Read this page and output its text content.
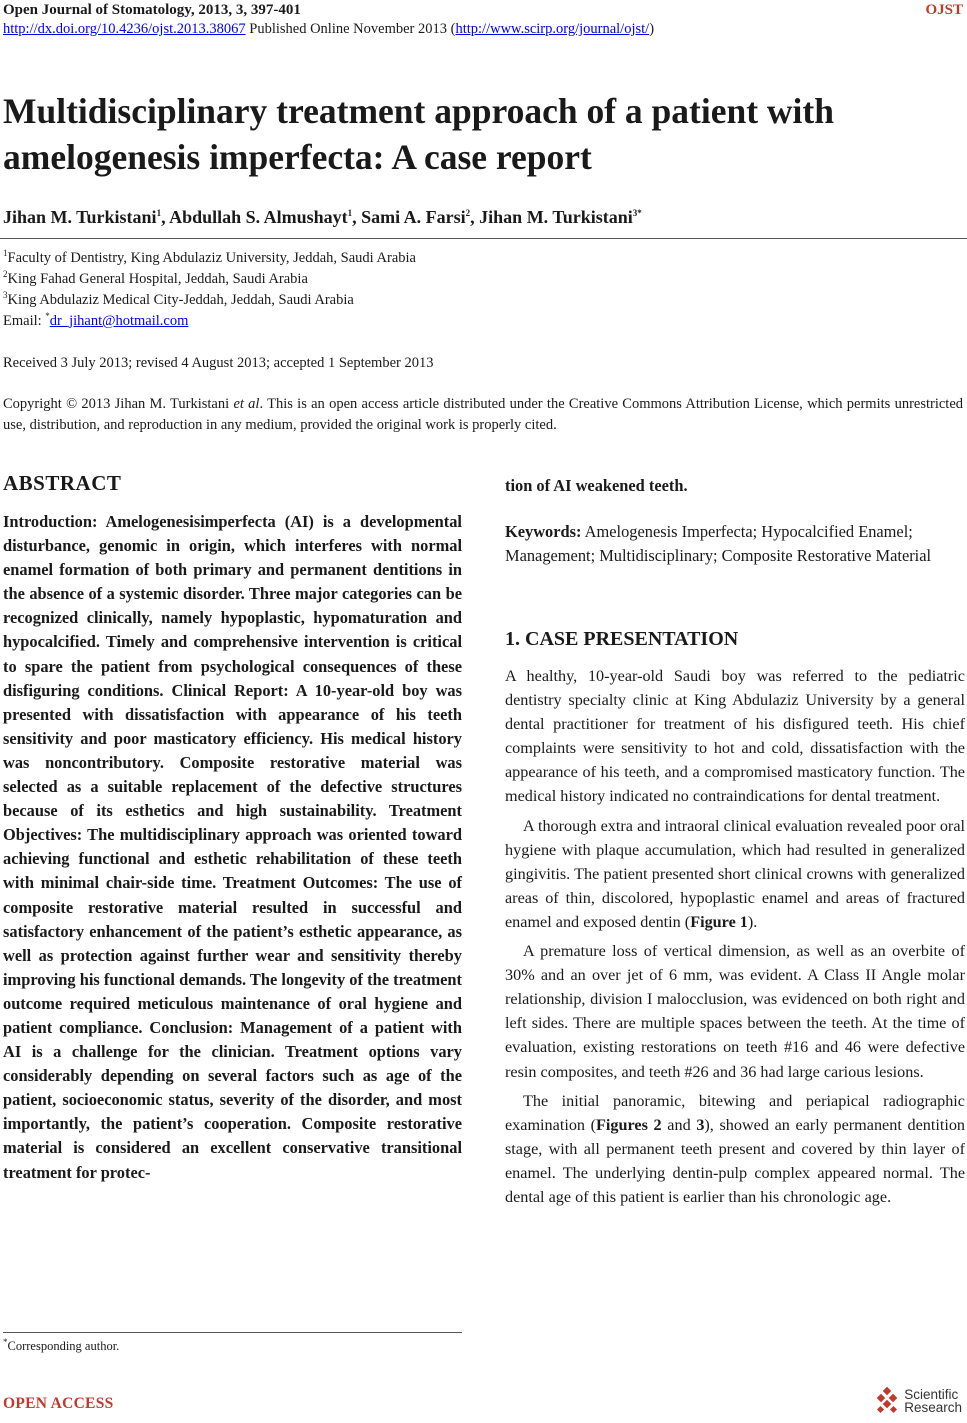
Open Journal of Stomatology, 2013, 3, 397-401	OJST
http://dx.doi.org/10.4236/ojst.2013.38067 Published Online November 2013 (http://www.scirp.org/journal/ojst/)
Multidisciplinary treatment approach of a patient with amelogenesis imperfecta: A case report
Jihan M. Turkistani$^1$, Abdullah S. Almushayt$^1$, Sami A. Farsi$^2$, Jihan M. Turkistani$^{3*}$
$^1$Faculty of Dentistry, King Abdulaziz University, Jeddah, Saudi Arabia
$^2$King Fahad General Hospital, Jeddah, Saudi Arabia
$^3$King Abdulaziz Medical City-Jeddah, Jeddah, Saudi Arabia
Email: *dr_jihant@hotmail.com
Received 3 July 2013; revised 4 August 2013; accepted 1 September 2013
Copyright © 2013 Jihan M. Turkistani et al. This is an open access article distributed under the Creative Commons Attribution License, which permits unrestricted use, distribution, and reproduction in any medium, provided the original work is properly cited.
ABSTRACT
Introduction: Amelogenesisimperfecta (AI) is a developmental disturbance, genomic in origin, which interferes with normal enamel formation of both primary and permanent dentitions in the absence of a systemic disorder. Three major categories can be recognized clinically, namely hypoplastic, hypomaturation and hypocalcified. Timely and comprehensive intervention is critical to spare the patient from psychological consequences of these disfiguring conditions. Clinical Report: A 10-year-old boy was presented with dissatisfaction with appearance of his teeth sensitivity and poor masticatory efficiency. His medical history was noncontributory. Composite restorative material was selected as a suitable replacement of the defective structures because of its esthetics and high sustainability. Treatment Objectives: The multidisciplinary approach was oriented toward achieving functional and esthetic rehabilitation of these teeth with minimal chair-side time. Treatment Outcomes: The use of composite restorative material resulted in successful and satisfactory enhancement of the patient’s esthetic appearance, as well as protection against further wear and sensitivity thereby improving his functional demands. The longevity of the treatment outcome required meticulous maintenance of oral hygiene and patient compliance. Conclusion: Management of a patient with AI is a challenge for the clinician. Treatment options vary considerably depending on several factors such as age of the patient, socioeconomic status, severity of the disorder, and most importantly, the patient’s cooperation. Composite restorative material is considered an excellent conservative transitional treatment for protec-
*Corresponding author.
tion of AI weakened teeth.
Keywords: Amelogenesis Imperfecta; Hypocalcified Enamel; Management; Multidisciplinary; Composite Restorative Material
1. CASE PRESENTATION

A healthy, 10-year-old Saudi boy was referred to the pediatric dentistry specialty clinic at King Abdulaziz University by a general dental practitioner for treatment of his disfigured teeth. His chief complaints were sensitivity to hot and cold, dissatisfaction with the appearance of his teeth, and a compromised masticatory function. The medical history indicated no contraindications for dental treatment.

A thorough extra and intraoral clinical evaluation revealed poor oral hygiene with plaque accumulation, which had resulted in generalized gingivitis. The patient presented short clinical crowns with generalized areas of thin, discolored, hypoplastic enamel and areas of fractured enamel and exposed dentin (Figure 1).

A premature loss of vertical dimension, as well as an overbite of 30% and an over jet of 6 mm, was evident. A Class II Angle molar relationship, division I malocclusion, was evidenced on both right and left sides. There are multiple spaces between the teeth. At the time of evaluation, existing restorations on teeth #16 and 46 were defective resin composites, and teeth #26 and 36 had large carious lesions.

The initial panoramic, bitewing and periapical radiographic examination (Figures 2 and 3), showed an early permanent dentition stage, with all permanent teeth present and covered by thin layer of enamel. The underlying dentin-pulp complex appeared normal. The dental age of this patient is earlier than his chronologic age.

OPEN ACCESS
Scientific
Research
